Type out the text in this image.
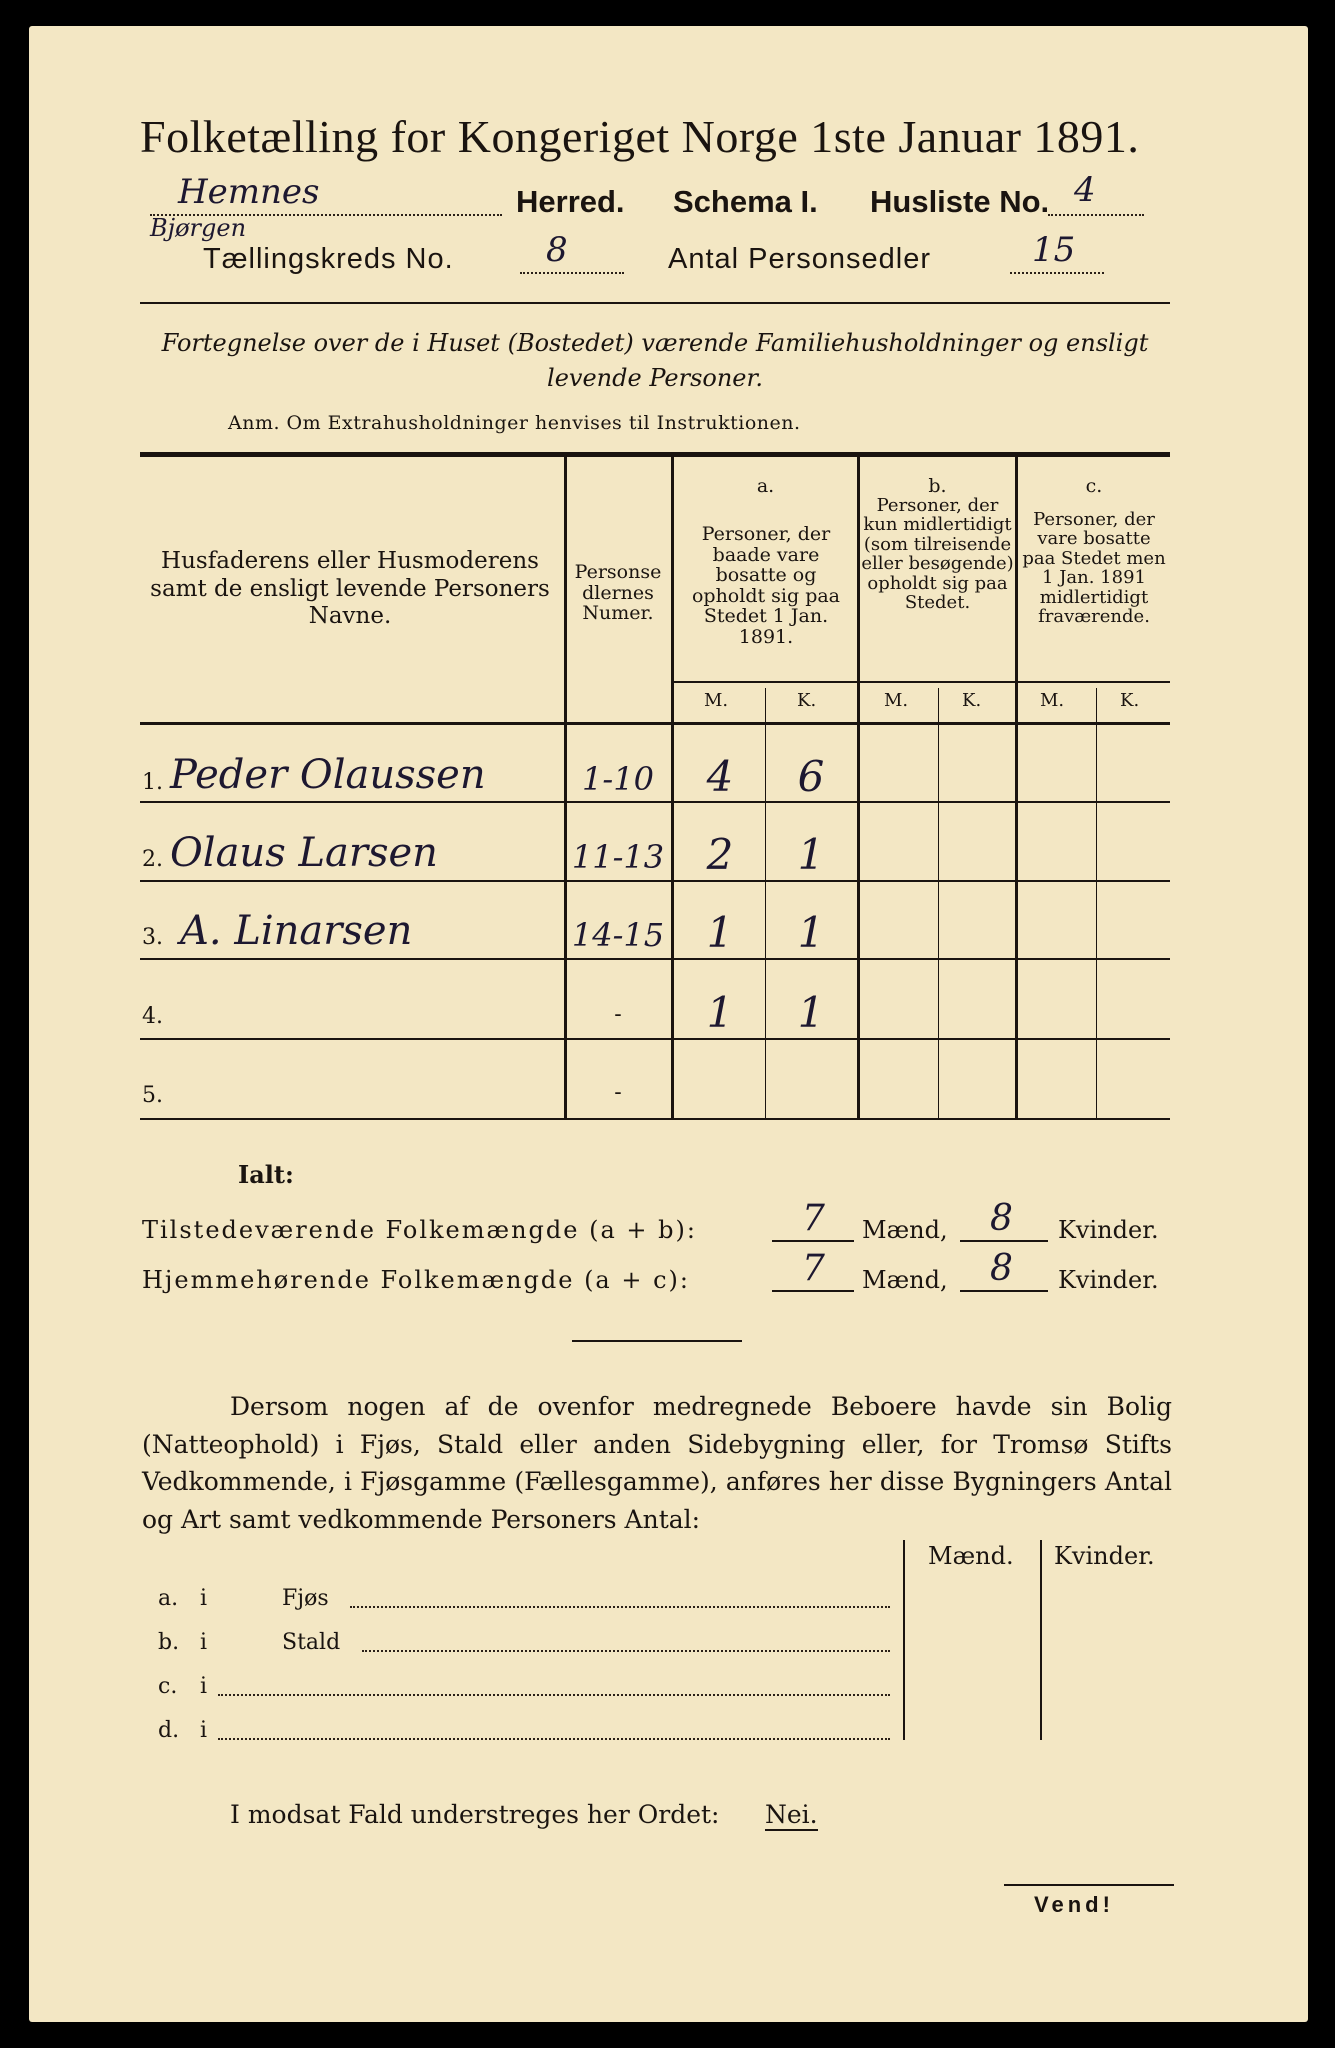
Folketælling for Kongeriget Norge 1ste Januar 1891.
Hemnes	Herred. Schema I. Husliste No. 4
Bjørgen
Tællingskreds No.	8	Antal Personsedler	15
Fortegnelse over de i Huset (Bostedet) værende Familiehusholdninger og ensligt levende Personer.
Anm. Om Extrahusholdninger henvises til Instruktionen.
Husfaderens eller Husmoderens samt de ensligt levende Personers Navne.
Personsedlernes Numer.
a.
Personer, der baade vare bosatte og opholdt sig paa Stedet 1 Jan. 1891.
b.
Personer, der kun midlertidigt (som tilreisende eller besøgende) opholdt sig paa Stedet.
c.
Personer, der vare bosatte paa Stedet men 1 Jan. 1891 midlertidigt fraværende.
M.	K.	M.	K.	M.	K.
1. Peder Olaussen	1-10	4	6
2. Olaus Larsen	11-13	2	1
3. A. Linarsen	14-15	1	1
4.	-	1	1
5.	-
Ialt:
Tilstedeværende Folkemængde (a + b):	7 Mænd, 8 Kvinder.
Hjemmehørende Folkemængde (a + c):	7 Mænd, 8 Kvinder.
Dersom nogen af de ovenfor medregnede Beboere havde sin Bolig (Natteophold) i Fjøs, Stald eller anden Sidebygning eller, for Tromsø Stifts Vedkommende, i Fjøsgamme (Fællesgamme), anføres her disse Bygningers Antal og Art samt vedkommende Personers Antal:
Mænd. Kvinder.
a. i	Fjøs
b. i	Stald
c. i
d. i
I modsat Fald understreges her Ordet: Nei.
Vend!
